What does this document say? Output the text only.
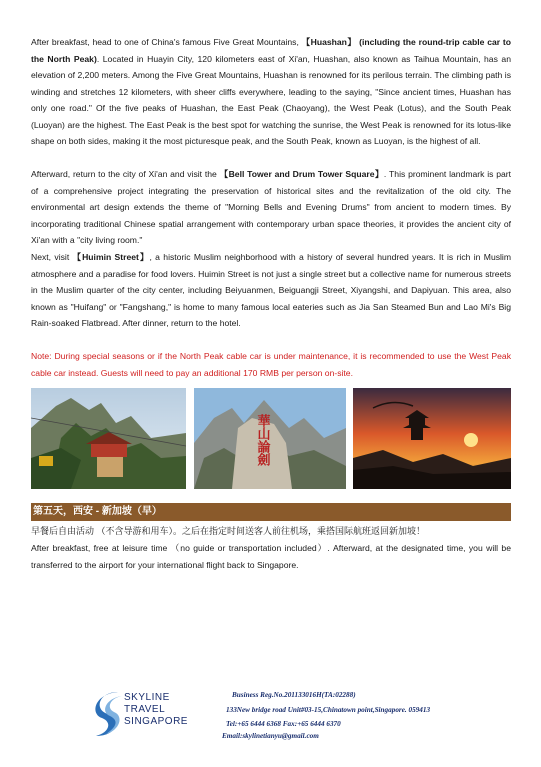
After breakfast, head to one of China's famous Five Great Mountains, 【Huashan】 (including the round-trip cable car to the North Peak). Located in Huayin City, 120 kilometers east of Xi'an, Huashan, also known as Taihua Mountain, has an elevation of 2,200 meters. Among the Five Great Mountains, Huashan is renowned for its perilous terrain. The climbing path is winding and stretches 12 kilometers, with sheer cliffs everywhere, leading to the saying, "Since ancient times, Huashan has only one road." Of the five peaks of Huashan, the East Peak (Chaoyang), the West Peak (Lotus), and the South Peak (Luoyan) are the highest. The East Peak is the best spot for watching the sunrise, the West Peak is renowned for its lotus-like shape on both sides, making it the most picturesque peak, and the South Peak, known as Luoyan, is the highest of all.

Afterward, return to the city of Xi'an and visit the 【Bell Tower and Drum Tower Square】. This prominent landmark is part of a comprehensive project integrating the preservation of historical sites and the revitalization of the old city. The environmental art design extends the theme of "Morning Bells and Evening Drums" from ancient to modern times. By incorporating traditional Chinese spatial arrangement with contemporary urban space theories, it provides the ancient city of Xi'an with a "city living room."

Next, visit 【Huimin Street】, a historic Muslim neighborhood with a history of several hundred years. It is rich in Muslim atmosphere and a paradise for food lovers. Huimin Street is not just a single street but a collective name for numerous streets in the Muslim quarter of the city center, including Beiyuanmen, Beiguangji Street, Xiyangshi, and Dapiyuan. This area, also known as "Huifang" or "Fangshang," is home to many famous local eateries such as Jia San Steamed Bun and Lao Mi's Big Rain-soaked Flatbread. After dinner, return to the hotel.

Note: During special seasons or if the North Peak cable car is under maintenance, it is recommended to use the West Peak cable car instead. Guests will need to pay an additional 170 RMB per person on-site.

華山論劍
第五天，西安 - 新加坡（早）

早餐后自由活动 （不含导游和用车）。之后在指定时间送客人前往机场，乘搭国际航班返回新加坡！

After breakfast, free at leisure time （no guide or transportation included）. Afterward, at the designated time, you will be transferred to the airport for your international flight back to Singapore.

SKYLINE
TRAVEL
SINGAPORE
Business Reg.No.201133016H(TA:02288)
133New bridge road Unit#03-15,Chinatown point,Singapore. 059413
Tel:+65 6444 6368 Fax:+65 6444 6370
Email:skylinetianyu@gmail.com
